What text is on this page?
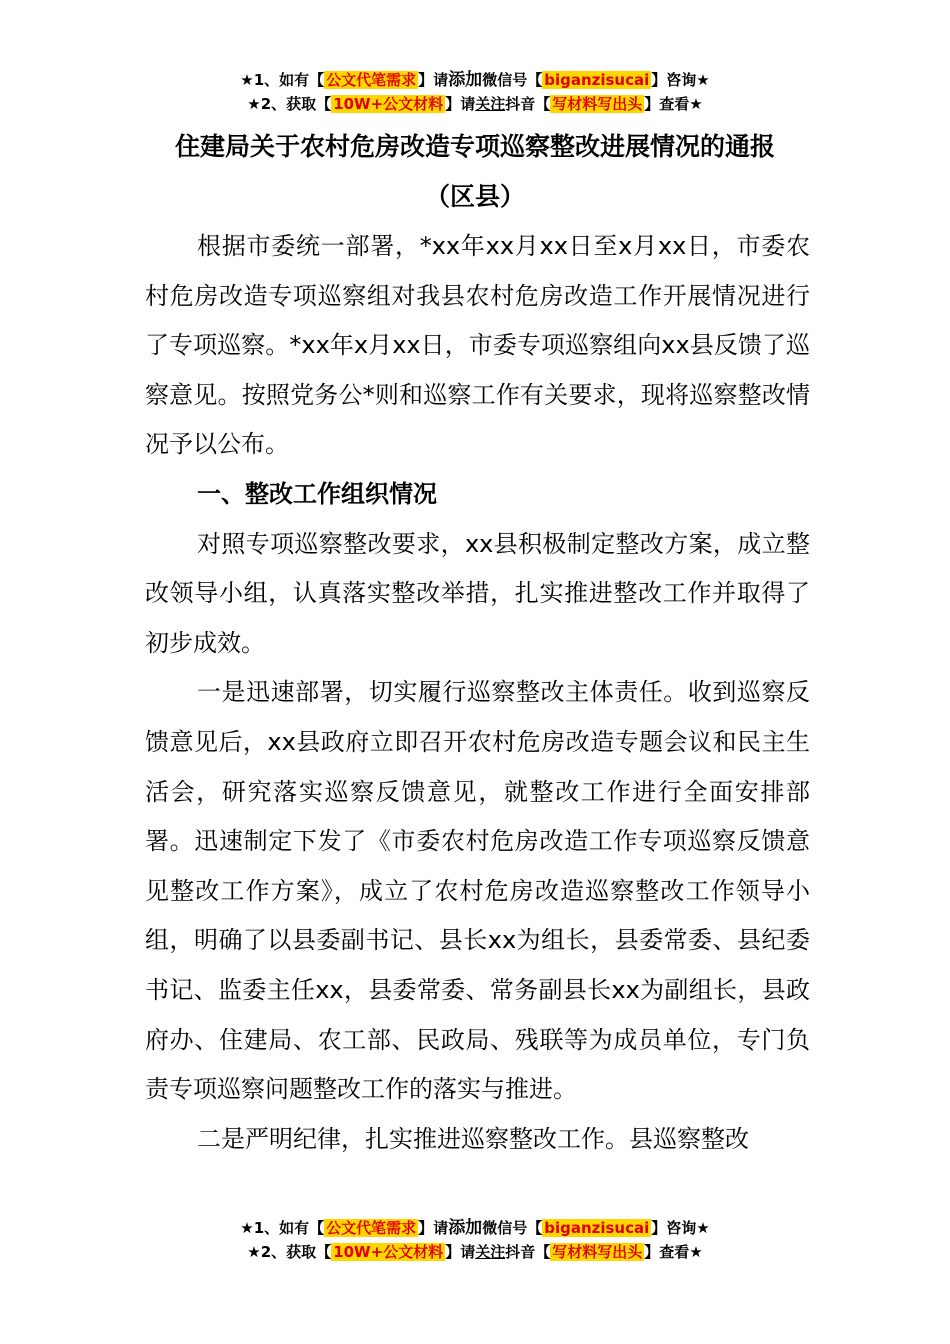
★1、如有【 公文代笔需求 】请添加微信号【 biganzisucai 】咨询★
★2、获取【 10W+公文材料 】请关注抖音【 写材料写出头 】查看★
住建局关于农村危房改造专项巡察整改进展情况的通报
（区县）

根据市委统一部署，*xx年xx月xx日至x月xx日，市委农村危房改造专项巡察组对我县农村危房改造工作开展情况进行了专项巡察。*xx年x月xx日，市委专项巡察组向xx县反馈了巡察意见。按照党务公*则和巡察工作有关要求，现将巡察整改情况予以公布。

一、整改工作组织情况

对照专项巡察整改要求，xx县积极制定整改方案，成立整改领导小组，认真落实整改举措，扎实推进整改工作并取得了初步成效。

一是迅速部署，切实履行巡察整改主体责任。收到巡察反馈意见后，xx县政府立即召开农村危房改造专题会议和民主生活会，研究落实巡察反馈意见，就整改工作进行全面安排部署。迅速制定下发了《市委农村危房改造工作专项巡察反馈意见整改工作方案》，成立了农村危房改造巡察整改工作领导小组，明确了以县委副书记、县长xx为组长，县委常委、县纪委书记、监委主任xx，县委常委、常务副县长xx为副组长，县政府办、住建局、农工部、民政局、残联等为成员单位，专门负责专项巡察问题整改工作的落实与推进。

二是严明纪律，扎实推进巡察整改工作。县巡察整改

★1、如有【 公文代笔需求 】请添加微信号【 biganzisucai 】咨询★
★2、获取【 10W+公文材料 】请关注抖音【 写材料写出头 】查看★
